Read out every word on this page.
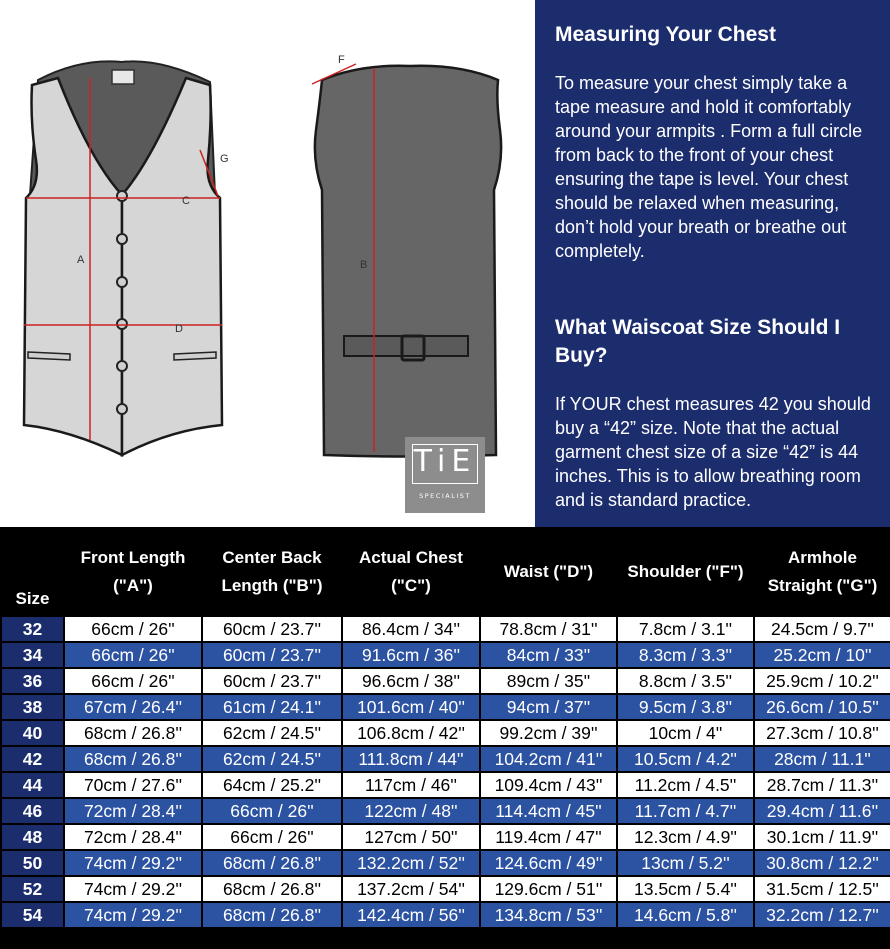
A
C
D
G
B
F
TiE
SPECIALIST
Measuring Your Chest

To measure your chest simply take a tape measure and hold it comfortably around your armpits . Form a full circle from back to the front of your chest ensuring the tape is level. Your chest should be relaxed when measuring, don’t hold your breath or breathe out completely.

What Waiscoat Size Should I Buy?

If YOUR chest measures 42 you should buy a “42” size. Note that the actual garment chest size of a size “42” is 44 inches. This is to allow breathing room and is standard practice.

Size	Front Length ("A")	Center Back Length ("B")	Actual Chest ("C")	Waist ("D")	Shoulder ("F")	Armhole Straight ("G")
32	66cm / 26''	60cm / 23.7''	86.4cm / 34''	78.8cm / 31''	7.8cm / 3.1''	24.5cm / 9.7''
34	66cm / 26''	60cm / 23.7''	91.6cm / 36''	84cm / 33''	8.3cm / 3.3''	25.2cm / 10''
36	66cm / 26''	60cm / 23.7''	96.6cm / 38''	89cm / 35''	8.8cm / 3.5''	25.9cm / 10.2''
38	67cm / 26.4''	61cm / 24.1''	101.6cm / 40''	94cm / 37''	9.5cm / 3.8''	26.6cm / 10.5''
40	68cm / 26.8''	62cm / 24.5''	106.8cm / 42''	99.2cm / 39''	10cm / 4''	27.3cm / 10.8''
42	68cm / 26.8''	62cm / 24.5''	111.8cm / 44''	104.2cm / 41''	10.5cm / 4.2''	28cm / 11.1''
44	70cm / 27.6''	64cm / 25.2''	117cm / 46''	109.4cm / 43''	11.2cm / 4.5''	28.7cm / 11.3''
46	72cm / 28.4''	66cm / 26''	122cm / 48''	114.4cm / 45''	11.7cm / 4.7''	29.4cm / 11.6''
48	72cm / 28.4''	66cm / 26''	127cm / 50''	119.4cm / 47''	12.3cm / 4.9''	30.1cm / 11.9''
50	74cm / 29.2''	68cm / 26.8''	132.2cm / 52''	124.6cm / 49''	13cm / 5.2''	30.8cm / 12.2''
52	74cm / 29.2''	68cm / 26.8''	137.2cm / 54''	129.6cm / 51''	13.5cm / 5.4''	31.5cm / 12.5''
54	74cm / 29.2''	68cm / 26.8''	142.4cm / 56''	134.8cm / 53''	14.6cm / 5.8''	32.2cm / 12.7''
